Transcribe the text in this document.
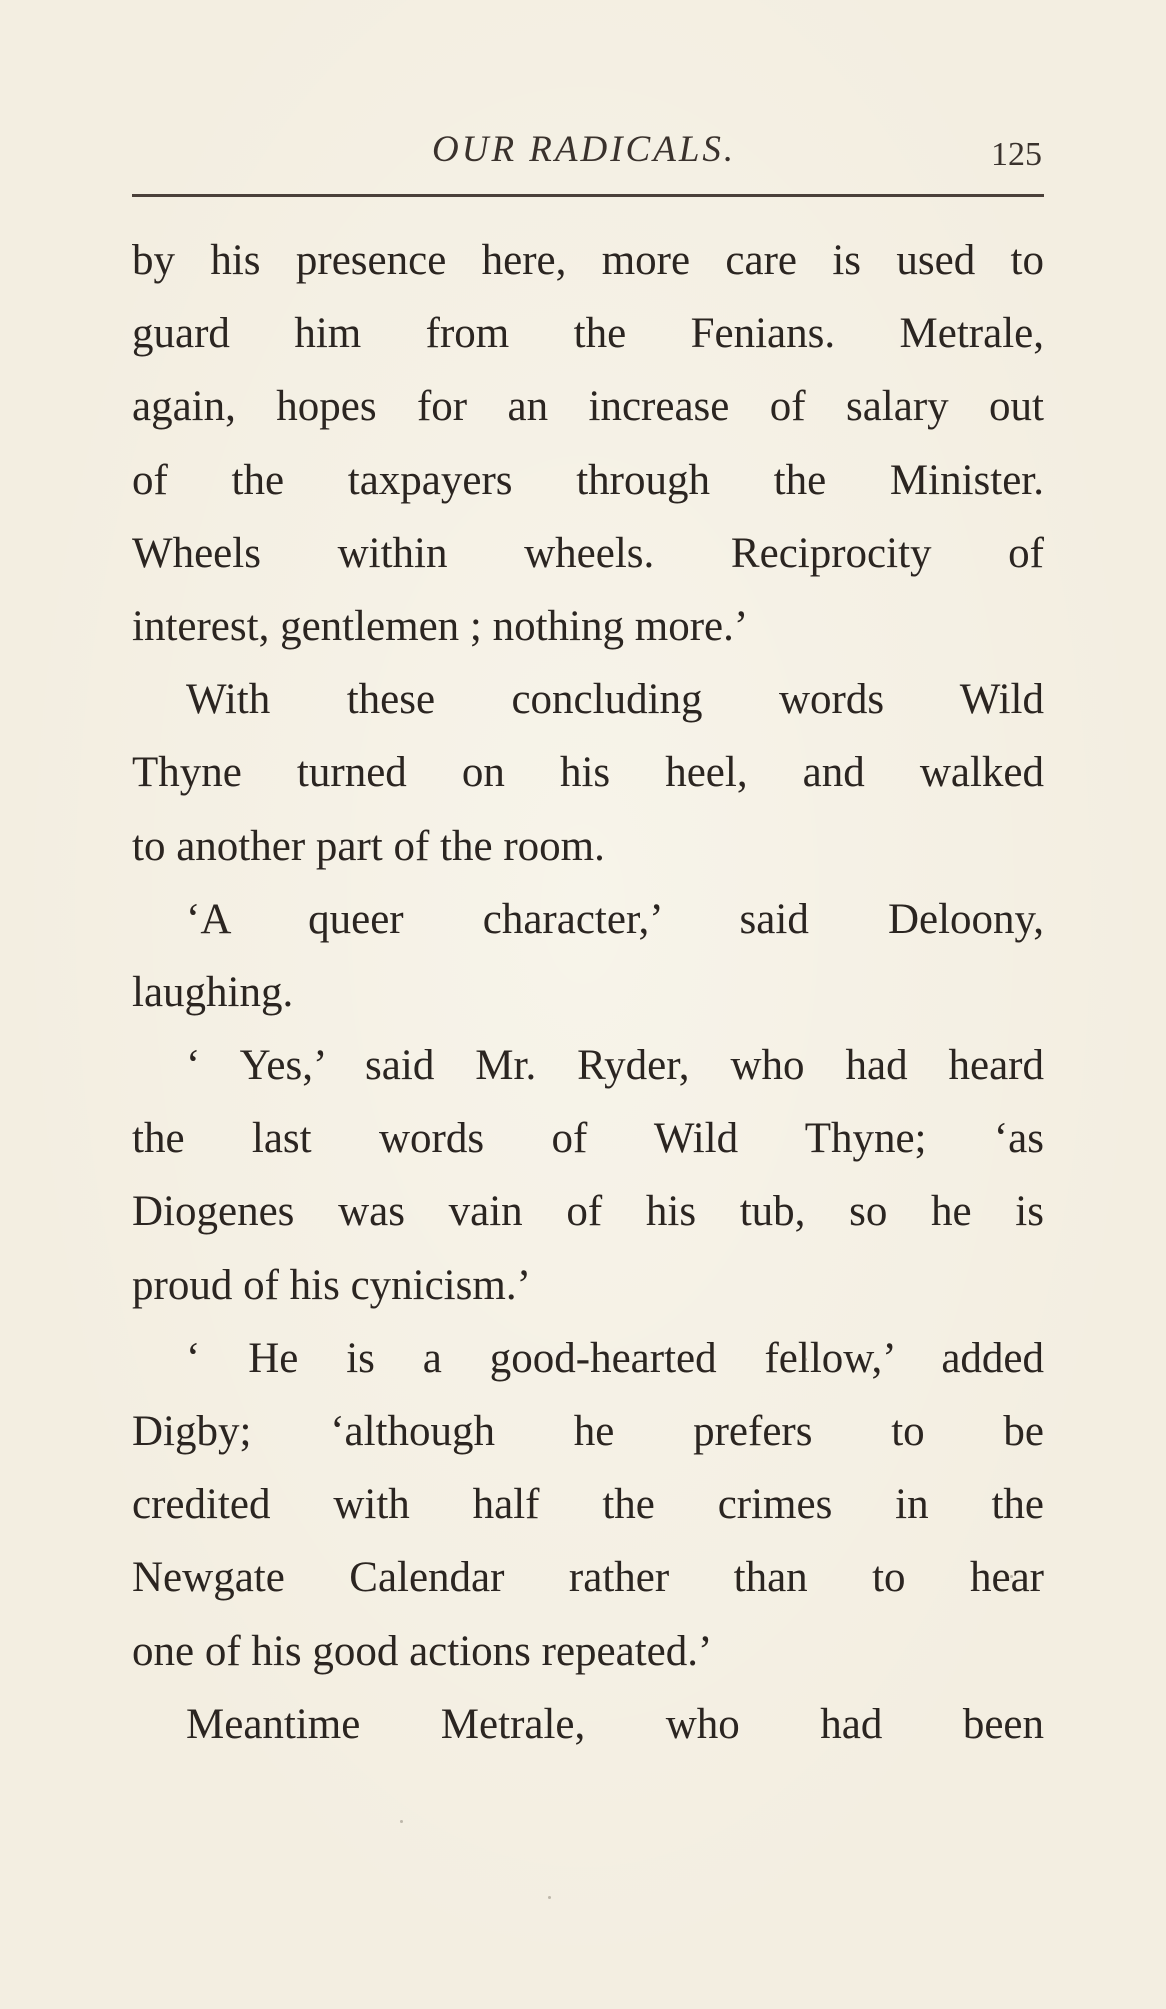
OUR RADICALS.	125
by his presence here, more care is used to
guard him from the Fenians. Metrale,
again, hopes for an increase of salary out
of the taxpayers through the Minister.
Wheels within wheels. Reciprocity of
interest, gentlemen ; nothing more.’
With these concluding words Wild
Thyne turned on his heel, and walked
to another part of the room.
‘A queer character,’ said Deloony,
laughing.
‘ Yes,’ said Mr. Ryder, who had heard
the last words of Wild Thyne; ‘as
Diogenes was vain of his tub, so he is
proud of his cynicism.’
‘ He is a good-hearted fellow,’ added
Digby; ‘although he prefers to be
credited with half the crimes in the
Newgate Calendar rather than to hear
one of his good actions repeated.’
Meantime Metrale, who had been
